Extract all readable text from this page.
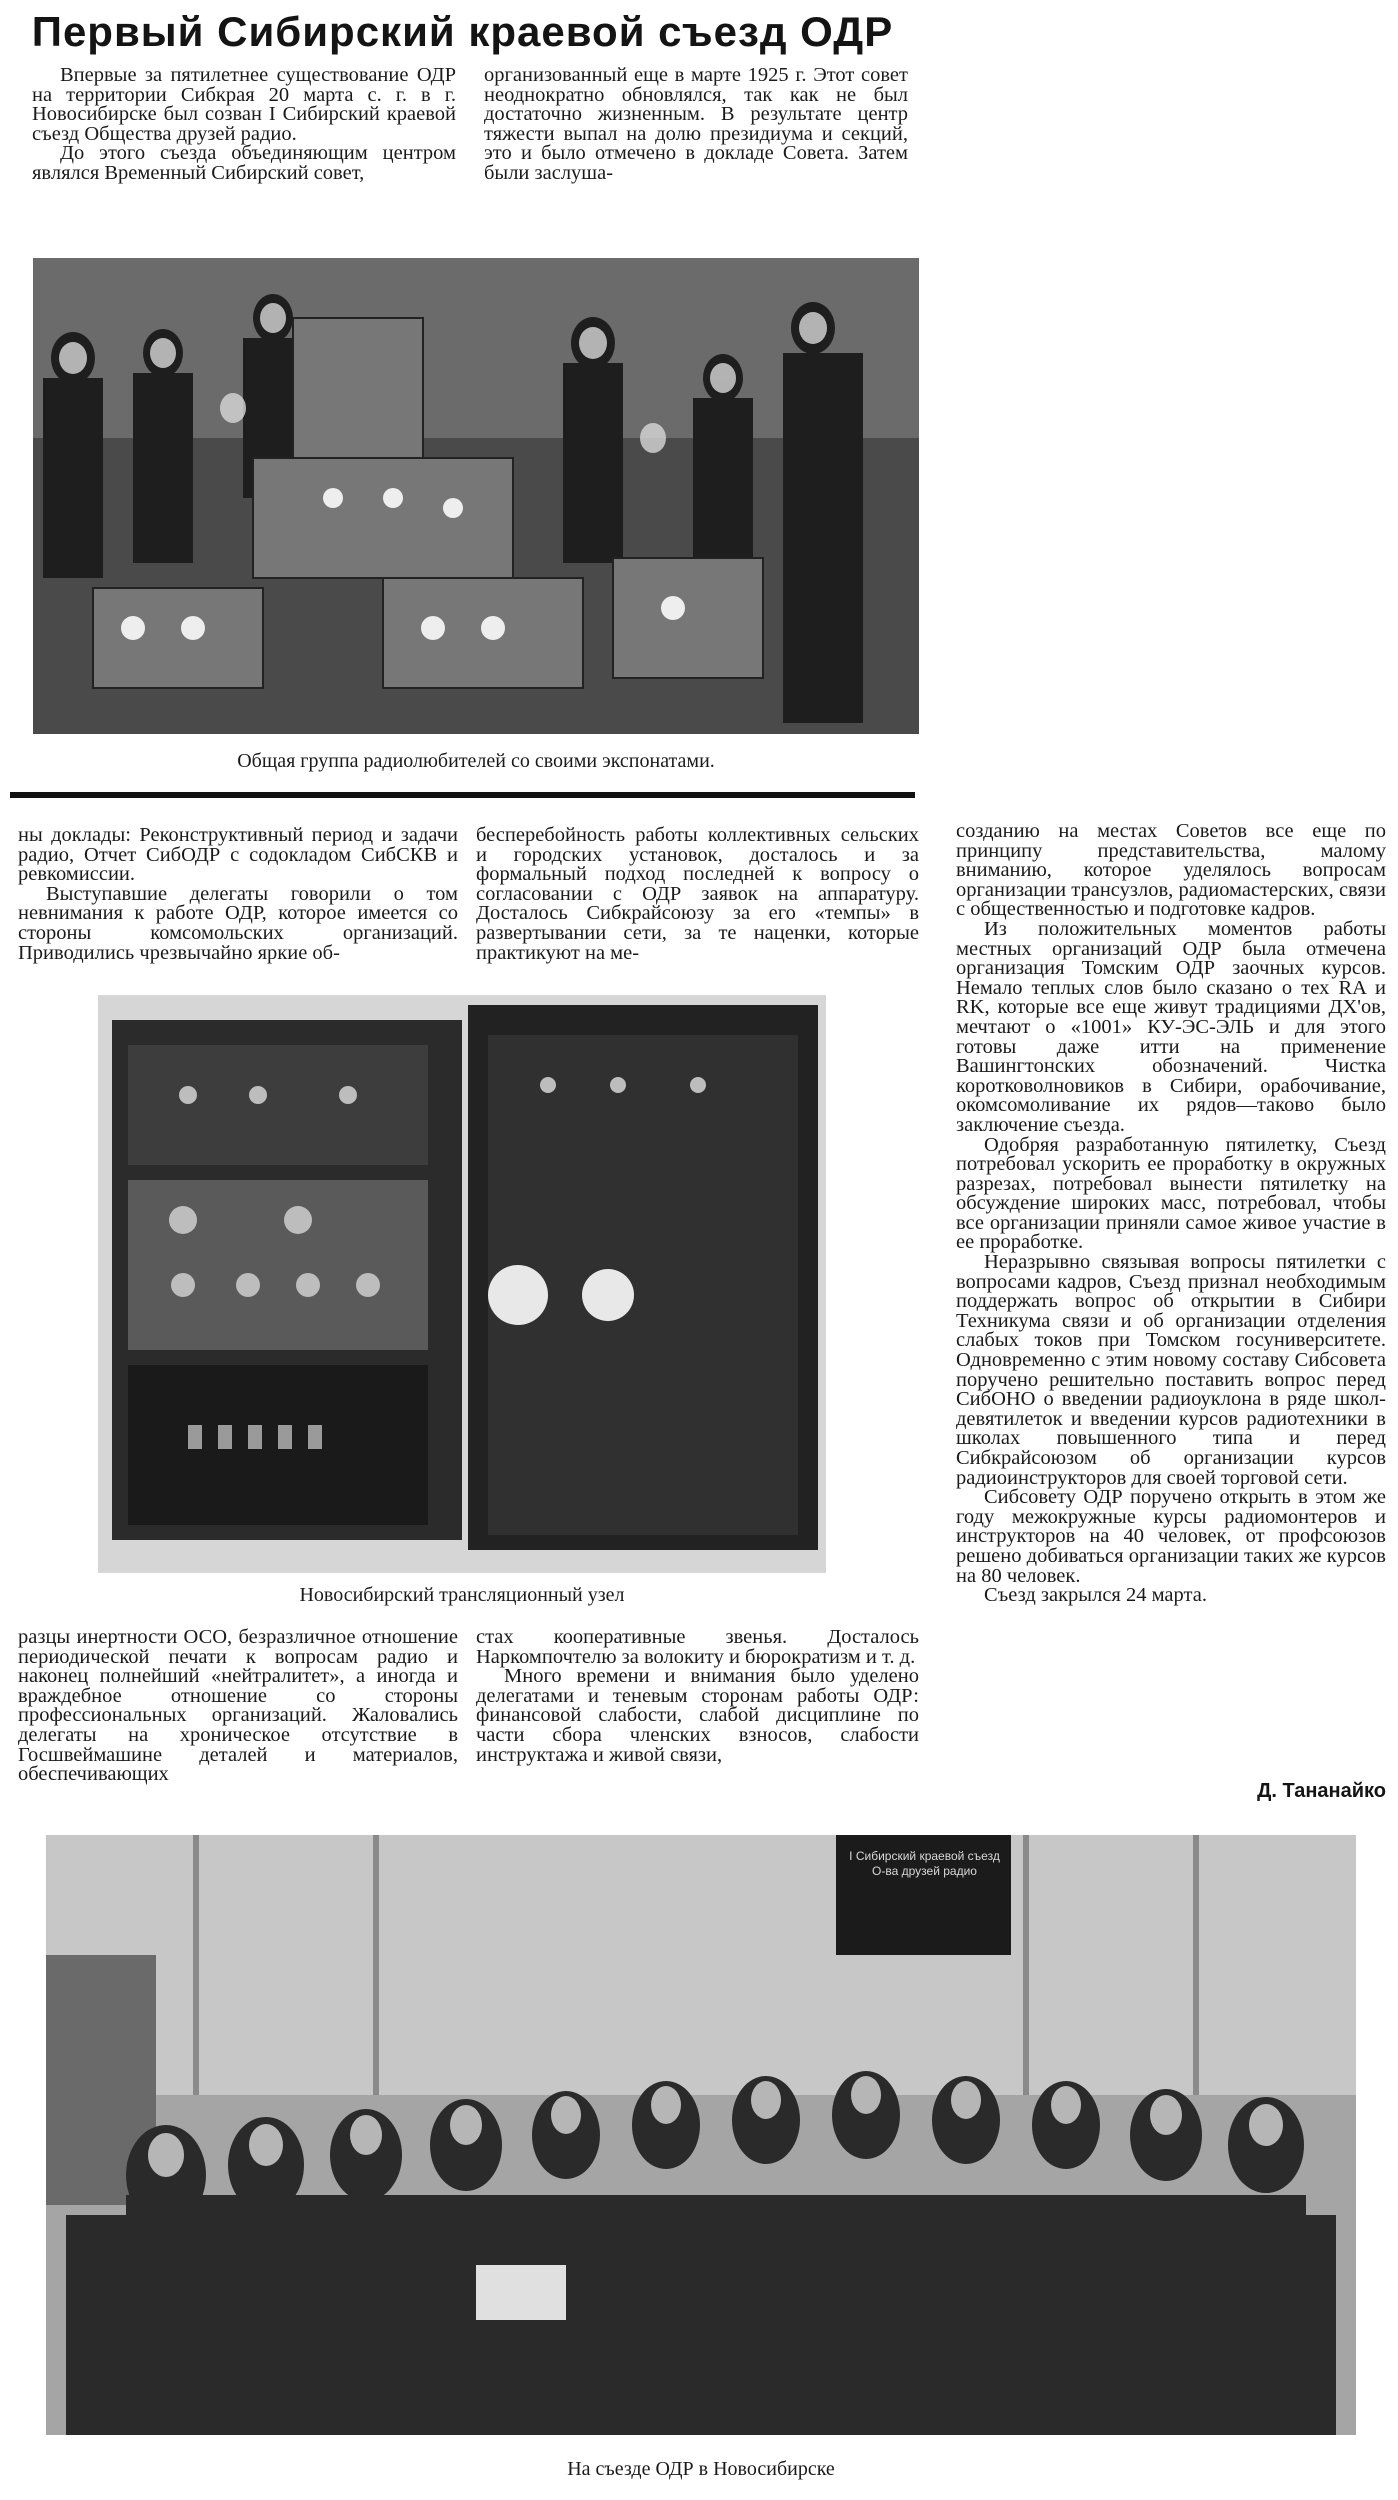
Первый Сибирский краевой съезд ОДР

Впервые за пятилетнее существование ОДР на территории Сибкрая 20 марта с. г. в г. Новосибирске был созван I Сибирский краевой съезд Общества друзей радио.

До этого съезда объединяющим центром являлся Временный Сибирский совет,

организованный еще в марте 1925 г. Этот совет неоднократно обновлялся, так как не был достаточно жизненным. В результате центр тяжести выпал на долю президиума и секций, это и было отмечено в докладе Совета. Затем были заслуша-

Общая группа радиолюбителей со своими экспонатами.

ны доклады: Реконструктивный период и задачи радио, Отчет СибОДР с содокладом СибСКВ и ревкомиссии.

Выступавшие делегаты говорили о том невнимания к работе ОДР, которое имеется со стороны комсомольских организаций. Приводились чрезвычайно яркие об-

бесперебойность работы коллективных сельских и городских установок, досталось и за формальный подход последней к вопросу о согласовании с ОДР заявок на аппаратуру. Досталось Сибкрайсоюзу за его «темпы» в развертывании сети, за те наценки, которые практикуют на ме-

Новосибирский трансляционный узел

созданию на местах Советов все еще по принципу представительства, малому вниманию, которое уделялось вопросам организации трансузлов, радиомастерских, связи с общественностью и подготовке кадров.

Из положительных моментов работы местных организаций ОДР была отмечена организация Томским ОДР заочных курсов. Немало теплых слов было сказано о тех RA и RK, которые все еще живут традициями ДХ'ов, мечтают о «1001» КУ-ЭС-ЭЛЬ и для этого готовы даже итти на применение Вашингтонских обозначений. Чистка коротковолновиков в Сибири, орабочивание, окомсомоливание их рядов—таково было заключение съезда.

Одобряя разработанную пятилетку, Съезд потребовал ускорить ее проработку в окружных разрезах, потребовал вынести пятилетку на обсуждение широких масс, потребовал, чтобы все организации приняли самое живое участие в ее проработке.

Неразрывно связывая вопросы пятилетки с вопросами кадров, Съезд признал необходимым поддержать вопрос об открытии в Сибири Техникума связи и об организации отделения слабых токов при Томском госуниверситете. Одновременно с этим новому составу Сибсовета поручено решительно поставить вопрос перед СибОНО о введении радиоуклона в ряде школ-девятилеток и введении курсов радиотехники в школах повышенного типа и перед Сибкрайсоюзом об организации курсов радиоинструкторов для своей торговой сети.

Сибсовету ОДР поручено открыть в этом же году межокружные курсы радиомонтеров и инструкторов на 40 человек, от профсоюзов решено добиваться организации таких же курсов на 80 человек.

Съезд закрылся 24 марта.

Д. Тананайко

разцы инертности ОСО, безразличное отношение периодической печати к вопросам радио и наконец полнейший «нейтралитет», а иногда и враждебное отношение со стороны профессиональных организаций. Жаловались делегаты на хроническое отсутствие в Госшвеймашине деталей и материалов, обеспечивающих

стах кооперативные звенья. Досталось Наркомпочтелю за волокиту и бюрократизм и т. д.

Много времени и внимания было уделено делегатами и теневым сторонам работы ОДР: финансовой слабости, слабой дисциплине по части сбора членских взносов, слабости инструктажа и живой связи,

I Сибирский краевой съезд О-ва друзей радио
На съезде ОДР в Новосибирске
